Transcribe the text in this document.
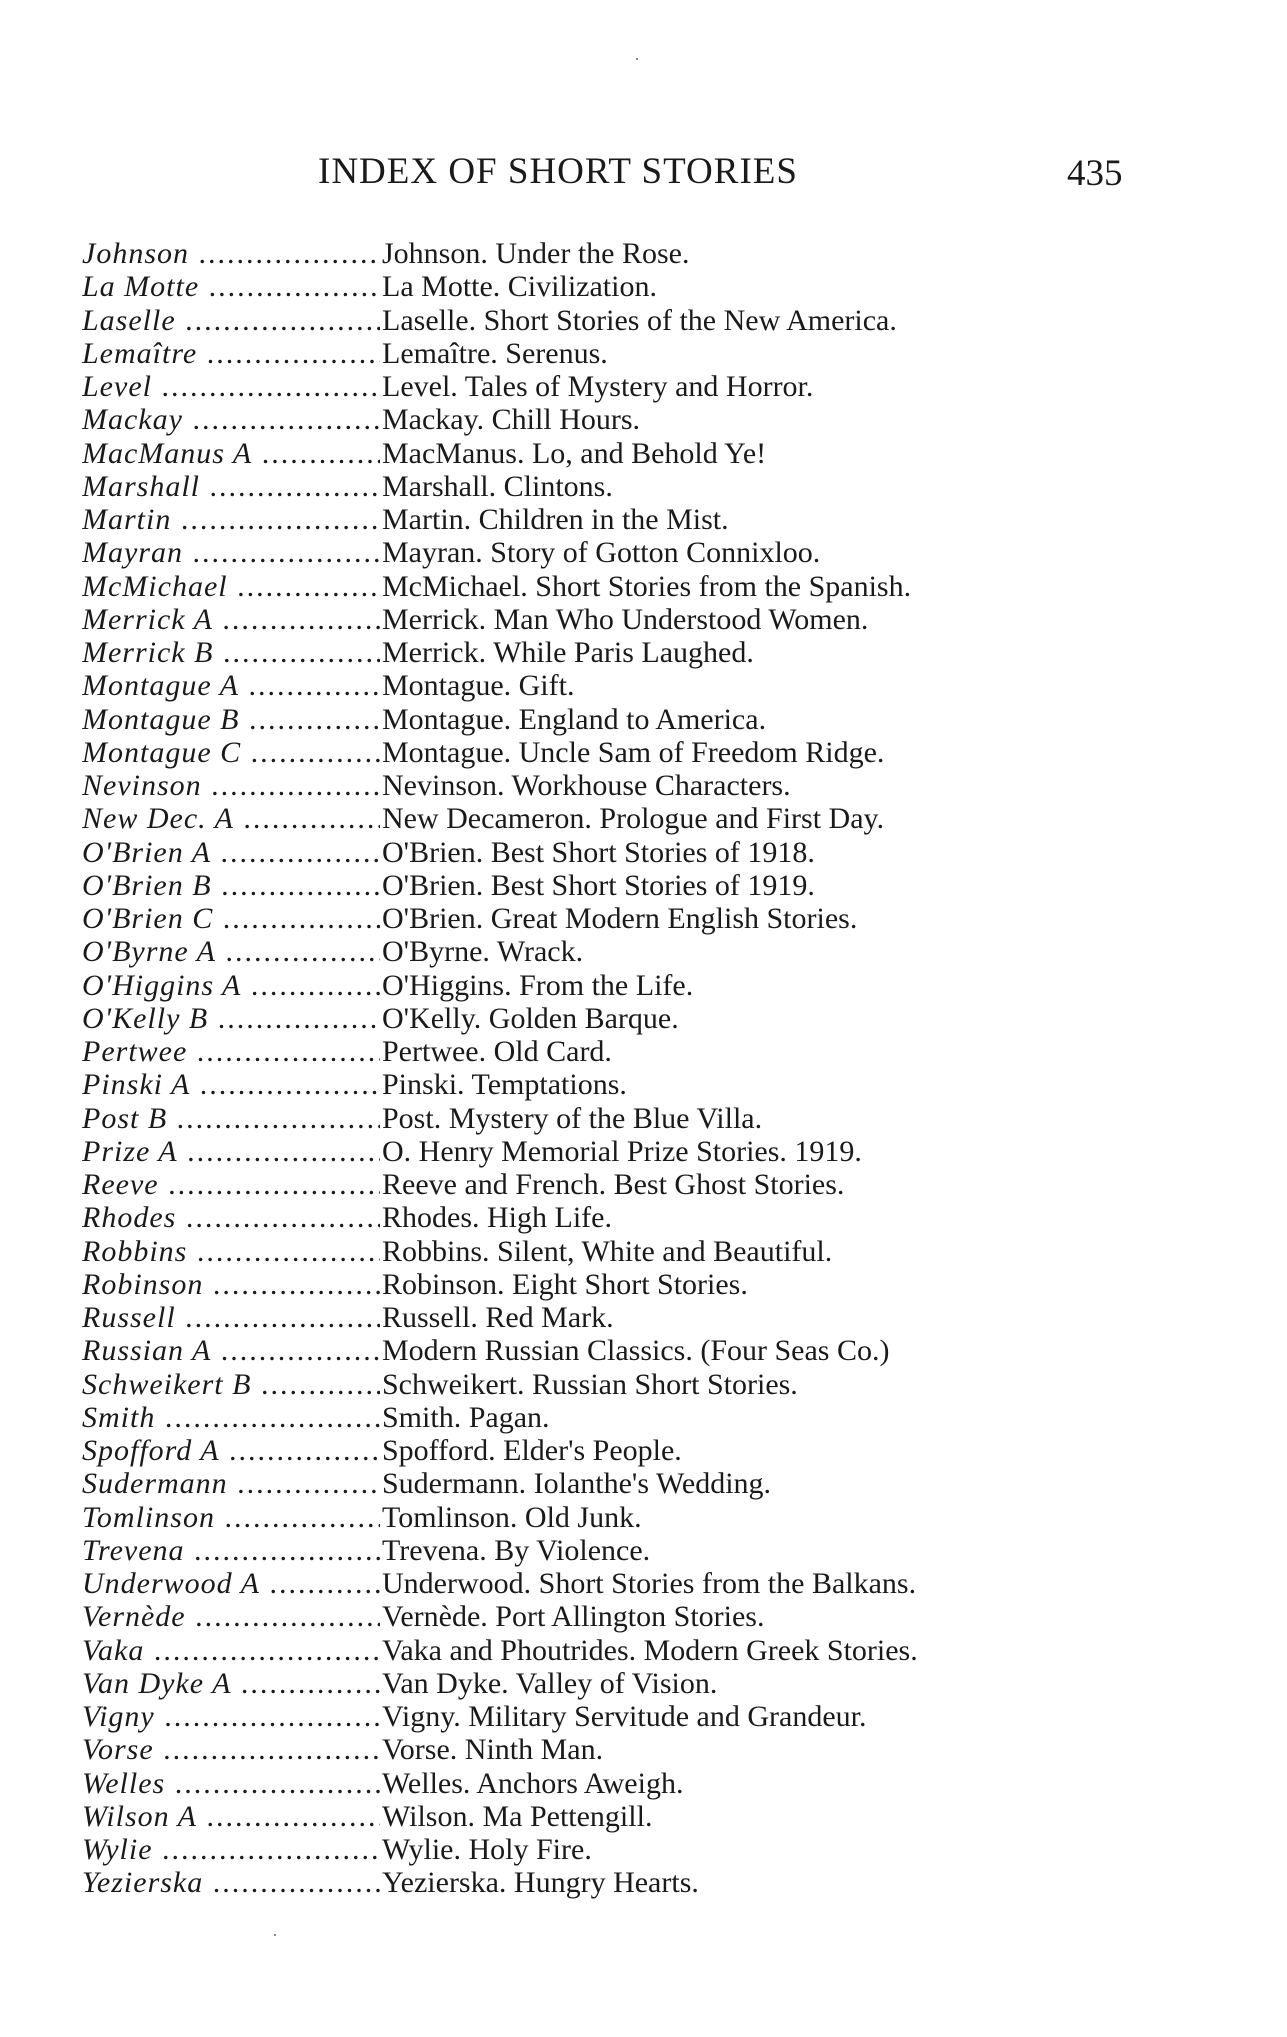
INDEX OF SHORT STORIES	435
Johnson .....	Johnson. Under the Rose.
La Motte .....	La Motte. Civilization.
Laselle .....	Laselle. Short Stories of the New America.
Lemaître .....	Lemaître. Serenus.
Level .....	Level. Tales of Mystery and Horror.
Mackay .....	Mackay. Chill Hours.
MacManus A .....	MacManus. Lo, and Behold Ye!
Marshall .....	Marshall. Clintons.
Martin .....	Martin. Children in the Mist.
Mayran .....	Mayran. Story of Gotton Connixloo.
McMichael .....	McMichael. Short Stories from the Spanish.
Merrick A .....	Merrick. Man Who Understood Women.
Merrick B .....	Merrick. While Paris Laughed.
Montague A .....	Montague. Gift.
Montague B .....	Montague. England to America.
Montague C .....	Montague. Uncle Sam of Freedom Ridge.
Nevinson .....	Nevinson. Workhouse Characters.
New Dec. A .....	New Decameron. Prologue and First Day.
O'Brien A .....	O'Brien. Best Short Stories of 1918.
O'Brien B .....	O'Brien. Best Short Stories of 1919.
O'Brien C .....	O'Brien. Great Modern English Stories.
O'Byrne A .....	O'Byrne. Wrack.
O'Higgins A .....	O'Higgins. From the Life.
O'Kelly B .....	O'Kelly. Golden Barque.
Pertwee .....	Pertwee. Old Card.
Pinski A .....	Pinski. Temptations.
Post B .....	Post. Mystery of the Blue Villa.
Prize A .....	O. Henry Memorial Prize Stories. 1919.
Reeve .....	Reeve and French. Best Ghost Stories.
Rhodes .....	Rhodes. High Life.
Robbins .....	Robbins. Silent, White and Beautiful.
Robinson .....	Robinson. Eight Short Stories.
Russell .....	Russell. Red Mark.
Russian A .....	Modern Russian Classics. (Four Seas Co.)
Schweikert B .....	Schweikert. Russian Short Stories.
Smith .....	Smith. Pagan.
Spofford A .....	Spofford. Elder's People.
Sudermann .....	Sudermann. Iolanthe's Wedding.
Tomlinson .....	Tomlinson. Old Junk.
Trevena .....	Trevena. By Violence.
Underwood A .....	Underwood. Short Stories from the Balkans.
Vernède .....	Vernède. Port Allington Stories.
Vaka .....	Vaka and Phoutrides. Modern Greek Stories.
Van Dyke A .....	Van Dyke. Valley of Vision.
Vigny .....	Vigny. Military Servitude and Grandeur.
Vorse .....	Vorse. Ninth Man.
Welles .....	Welles. Anchors Aweigh.
Wilson A .....	Wilson. Ma Pettengill.
Wylie .....	Wylie. Holy Fire.
Yezierska .....	Yezierska. Hungry Hearts.
